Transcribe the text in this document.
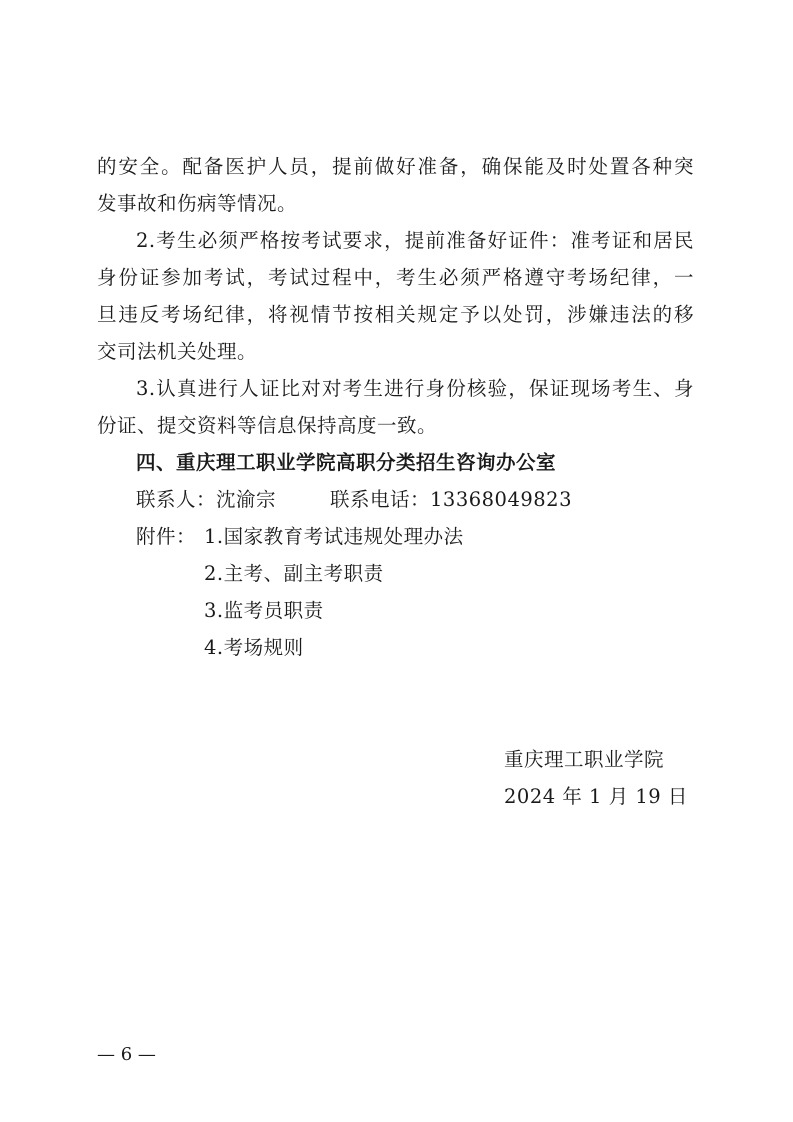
的安全。配备医护人员，提前做好准备，确保能及时处置各种突
发事故和伤病等情况。
2.考生必须严格按考试要求，提前准备好证件：准考证和居民
身份证参加考试，考试过程中，考生必须严格遵守考场纪律，一
旦违反考场纪律，将视情节按相关规定予以处罚，涉嫌违法的移
交司法机关处理。
3.认真进行人证比对对考生进行身份核验，保证现场考生、身
份证、提交资料等信息保持高度一致。
四、重庆理工职业学院高职分类招生咨询办公室
联系人：沈渝宗	联系电话：13368049823
附件： 1.国家教育考试违规处理办法
2.主考、副主考职责
3.监考员职责
4.考场规则
重庆理工职业学院
2024 年 1 月 19 日
— 6 —
